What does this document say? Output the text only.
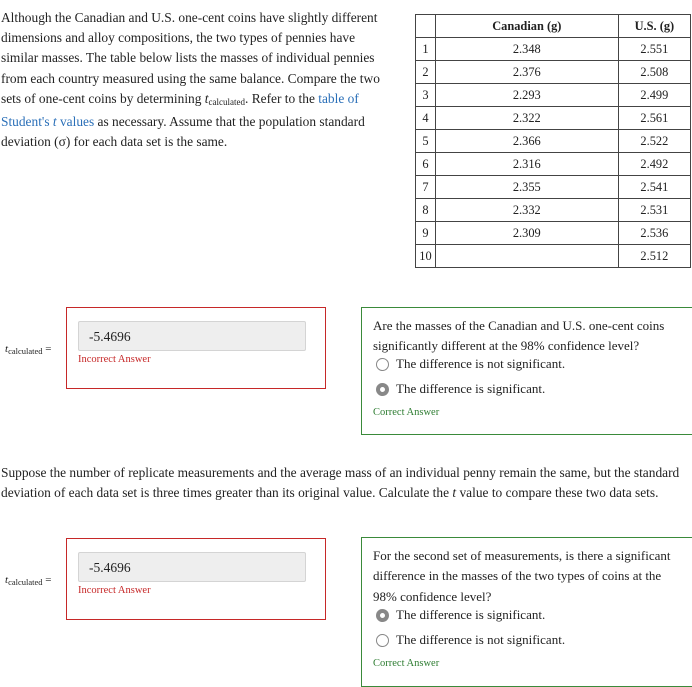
Although the Canadian and U.S. one-cent coins have slightly different dimensions and alloy compositions, the two types of pennies have similar masses. The table below lists the masses of individual pennies from each country measured using the same balance. Compare the two sets of one-cent coins by determining $t_{calculated}$. Refer to the table of Student's t values as necessary. Assume that the population standard deviation (σ) for each data set is the same.
	Canadian (g)	U.S. (g)
1	2.348	2.551
2	2.376	2.508
3	2.293	2.499
4	2.322	2.561
5	2.366	2.522
6	2.316	2.492
7	2.355	2.541
8	2.332	2.531
9	2.309	2.536
10		2.512
$t_{calculated}$ =
-5.4696
Incorrect Answer
Are the masses of the Canadian and U.S. one-cent coins significantly different at the 98% confidence level?
The difference is not significant.
The difference is significant.
Correct Answer
Suppose the number of replicate measurements and the average mass of an individual penny remain the same, but the standard deviation of each data set is three times greater than its original value. Calculate the t value to compare these two data sets.
$t_{calculated}$ =
-5.4696
Incorrect Answer
For the second set of measurements, is there a significant difference in the masses of the two types of coins at the 98% confidence level?
The difference is significant.
The difference is not significant.
Correct Answer
